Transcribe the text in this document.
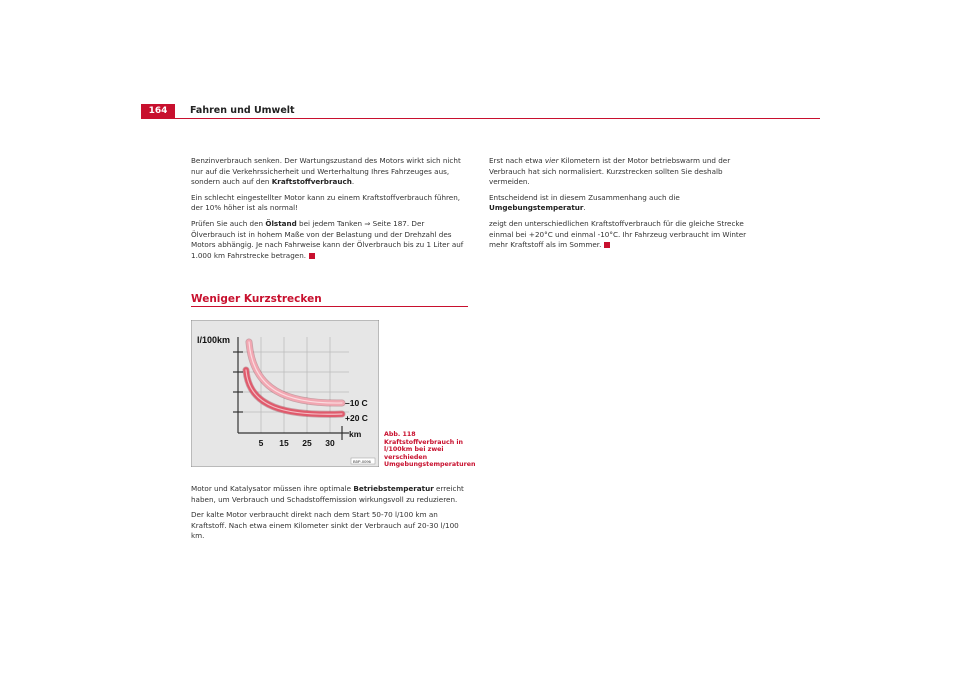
164	Fahren und Umwelt

Benzinverbrauch senken. Der Wartungszustand des Motors wirkt sich nicht nur auf die Verkehrssicherheit und Werterhaltung Ihres Fahrzeuges aus, sondern auch auf den Kraftstoffverbrauch.

Ein schlecht eingestellter Motor kann zu einem Kraftstoffverbrauch führen, der 10% höher ist als normal!

Prüfen Sie auch den Ölstand bei jedem Tanken ⇒ Seite 187. Der Ölverbrauch ist in hohem Maße von der Belastung und der Drehzahl des Motors abhängig. Je nach Fahrweise kann der Ölverbrauch bis zu 1 Liter auf 1.000 km Fahrstrecke betragen.

Weniger Kurzstrecken
l/100km
5 15 25 30
km
–10 C
+20 C
B5P-0096
Abb. 118 Kraftstoffverbrauch in l/100km bei zwei verschieden Umgebungstemperaturen

Motor und Katalysator müssen ihre optimale Betriebstemperatur erreicht haben, um Verbrauch und Schadstoffemission wirkungsvoll zu reduzieren.

Der kalte Motor verbraucht direkt nach dem Start 50-70 l/100 km an Kraftstoff. Nach etwa einem Kilometer sinkt der Verbrauch auf 20-30 l/100 km.

Erst nach etwa vier Kilometern ist der Motor betriebswarm und der Verbrauch hat sich normalisiert. Kurzstrecken sollten Sie deshalb vermeiden.

Entscheidend ist in diesem Zusammenhang auch die Umgebungstemperatur.

zeigt den unterschiedlichen Kraftstoffverbrauch für die gleiche Strecke einmal bei +20°C und einmal -10°C. Ihr Fahrzeug verbraucht im Winter mehr Kraftstoff als im Sommer.
